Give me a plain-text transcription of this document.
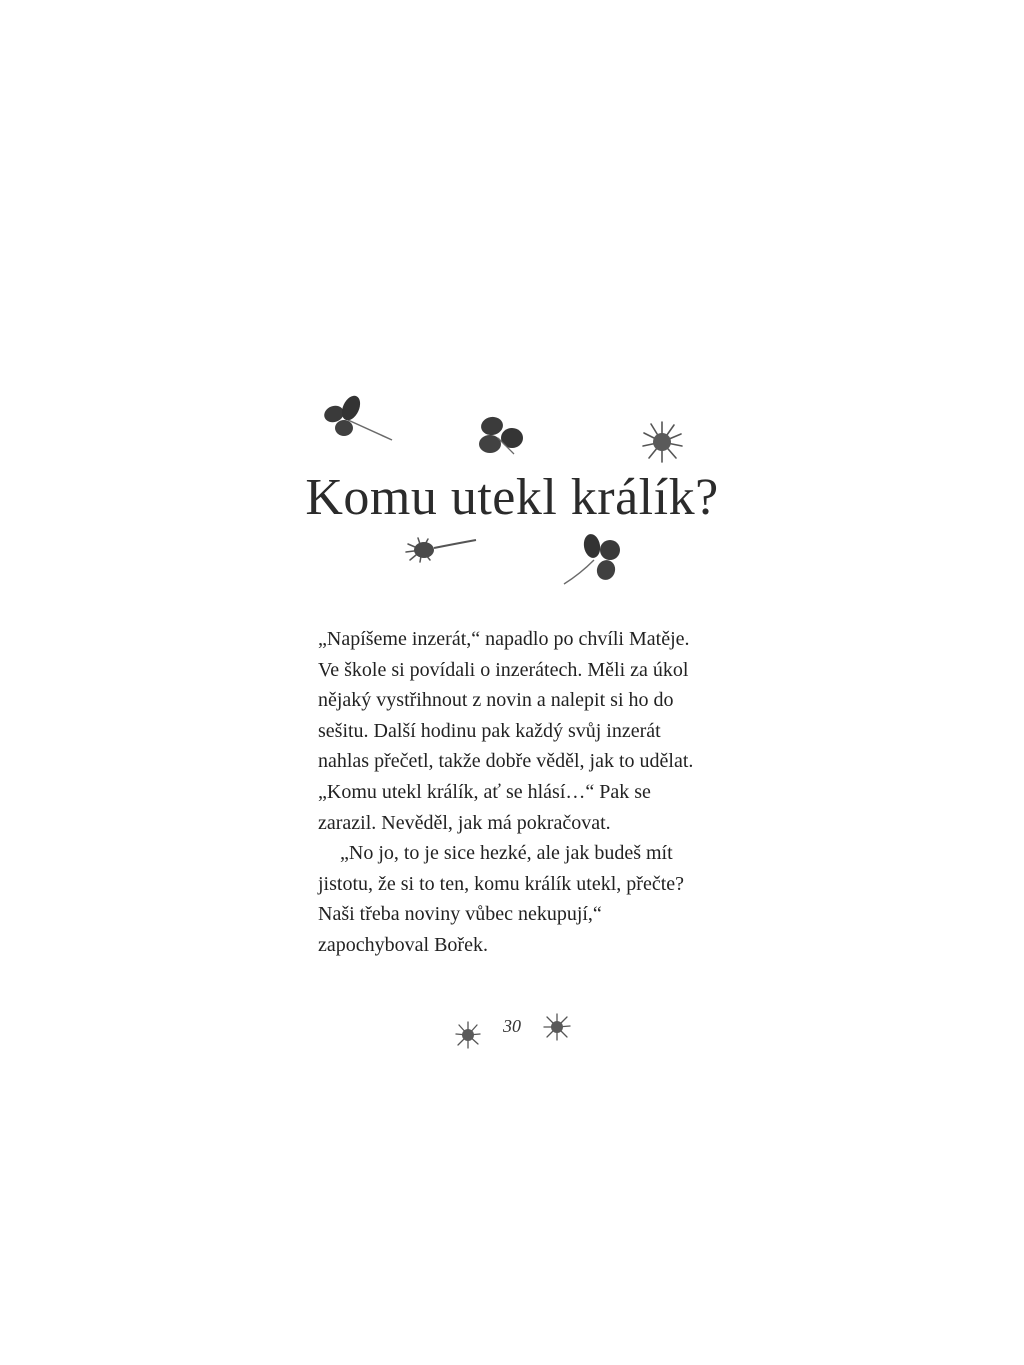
Komu utekl králík?
„Napíšeme inzerát,“ napadlo po chvíli Matěje.
Ve škole si povídali o inzerátech. Měli za úkol
nějaký vystřihnout z novin a nalepit si ho do
sešitu. Další hodinu pak každý svůj inzerát
nahlas přečetl, takže dobře věděl, jak to udělat.
„Komu utekl králík, ať se hlásí…“ Pak se
zarazil. Nevěděl, jak má pokračovat.
„No jo, to je sice hezké, ale jak budeš mít
jistotu, že si to ten, komu králík utekl, přečte?
Naši třeba noviny vůbec nekupují,“
zapochyboval Bořek.
30
